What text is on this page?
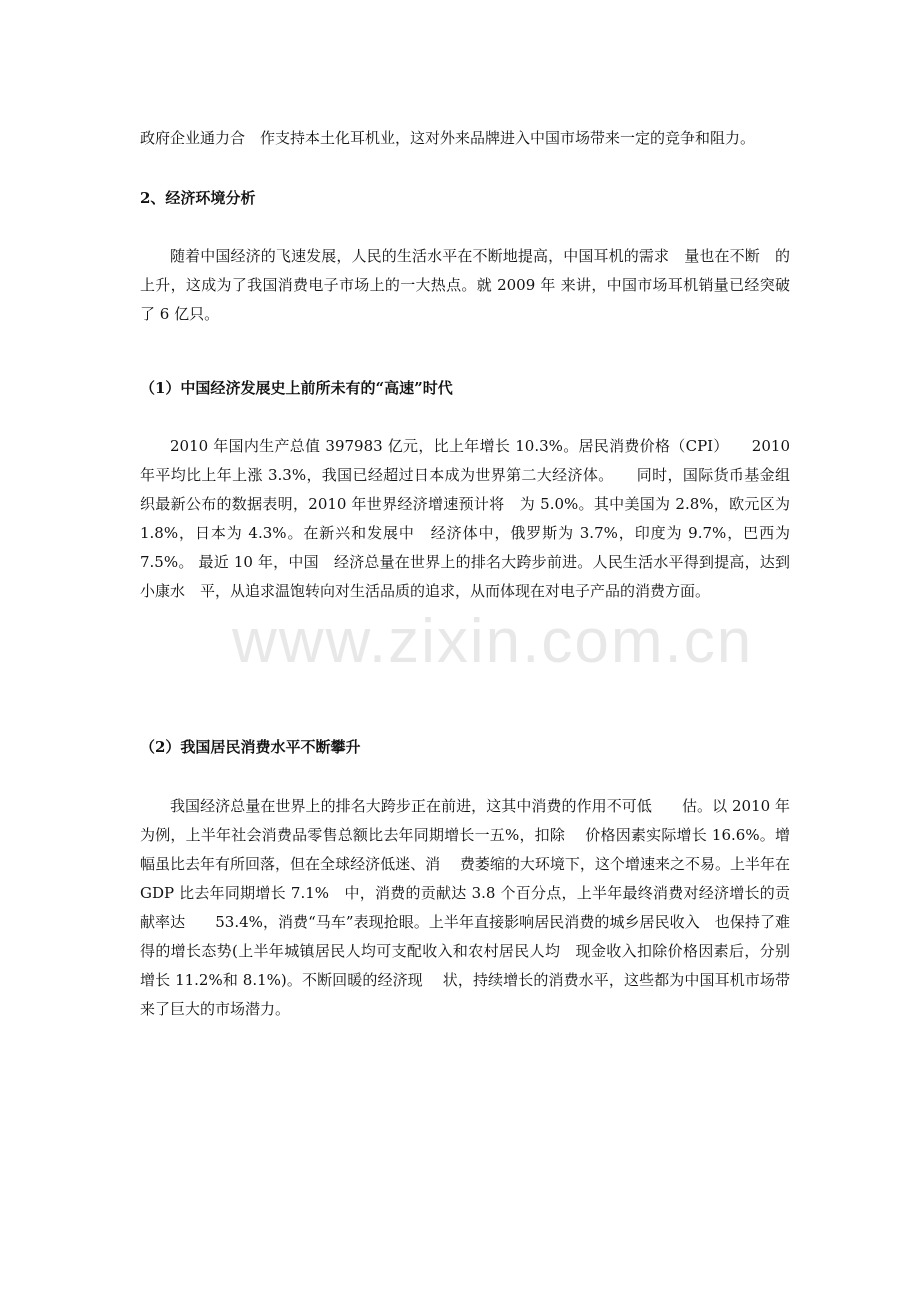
政府企业通力合　作支持本土化耳机业，这对外来品牌进入中国市场带来一定的竞争和阻力。
2、经济环境分析
随着中国经济的飞速发展，人民的生活水平在不断地提高，中国耳机的需求　量也在不断　的上升，这成为了我国消费电子市场上的一大热点。就 2009 年 来讲，中国市场耳机销量已经突破了 6 亿只。
（1）中国经济发展史上前所未有的“高速”时代
2010 年国内生产总值 397983 亿元，比上年增长 10.3%。居民消费价格（CPI）　　2010 年平均比上年上涨 3.3%，我国已经超过日本成为世界第二大经济体。　　同时，国际货币基金组织最新公布的数据表明，2010 年世界经济增速预计将　为 5.0%。其中美国为 2.8%，欧元区为 1.8%，日本为 4.3%。在新兴和发展中　经济体中，俄罗斯为 3.7%，印度为 9.7%，巴西为 7.5%。 最近 10 年，中国　经济总量在世界上的排名大跨步前进。人民生活水平得到提高，达到小康水　平，从追求温饱转向对生活品质的追求，从而体现在对电子产品的消费方面。
（2）我国居民消费水平不断攀升
我国经济总量在世界上的排名大跨步正在前进，这其中消费的作用不可低　　估。以 2010 年为例，上半年社会消费品零售总额比去年同期增长一五%，扣除　 价格因素实际增长 16.6%。增幅虽比去年有所回落，但在全球经济低迷、消　 费萎缩的大环境下，这个增速来之不易。上半年在 GDP 比去年同期增长 7.1%　中，消费的贡献达 3.8 个百分点，上半年最终消费对经济增长的贡献率达　　53.4%，消费“马车”表现抢眼。上半年直接影响居民消费的城乡居民收入　也保持了难得的增长态势(上半年城镇居民人均可支配收入和农村居民人均　现金收入扣除价格因素后，分别增长 11.2%和 8.1%)。不断回暖的经济现　 状，持续增长的消费水平，这些都为中国耳机市场带来了巨大的市场潜力。
www.zixin.com.cn
